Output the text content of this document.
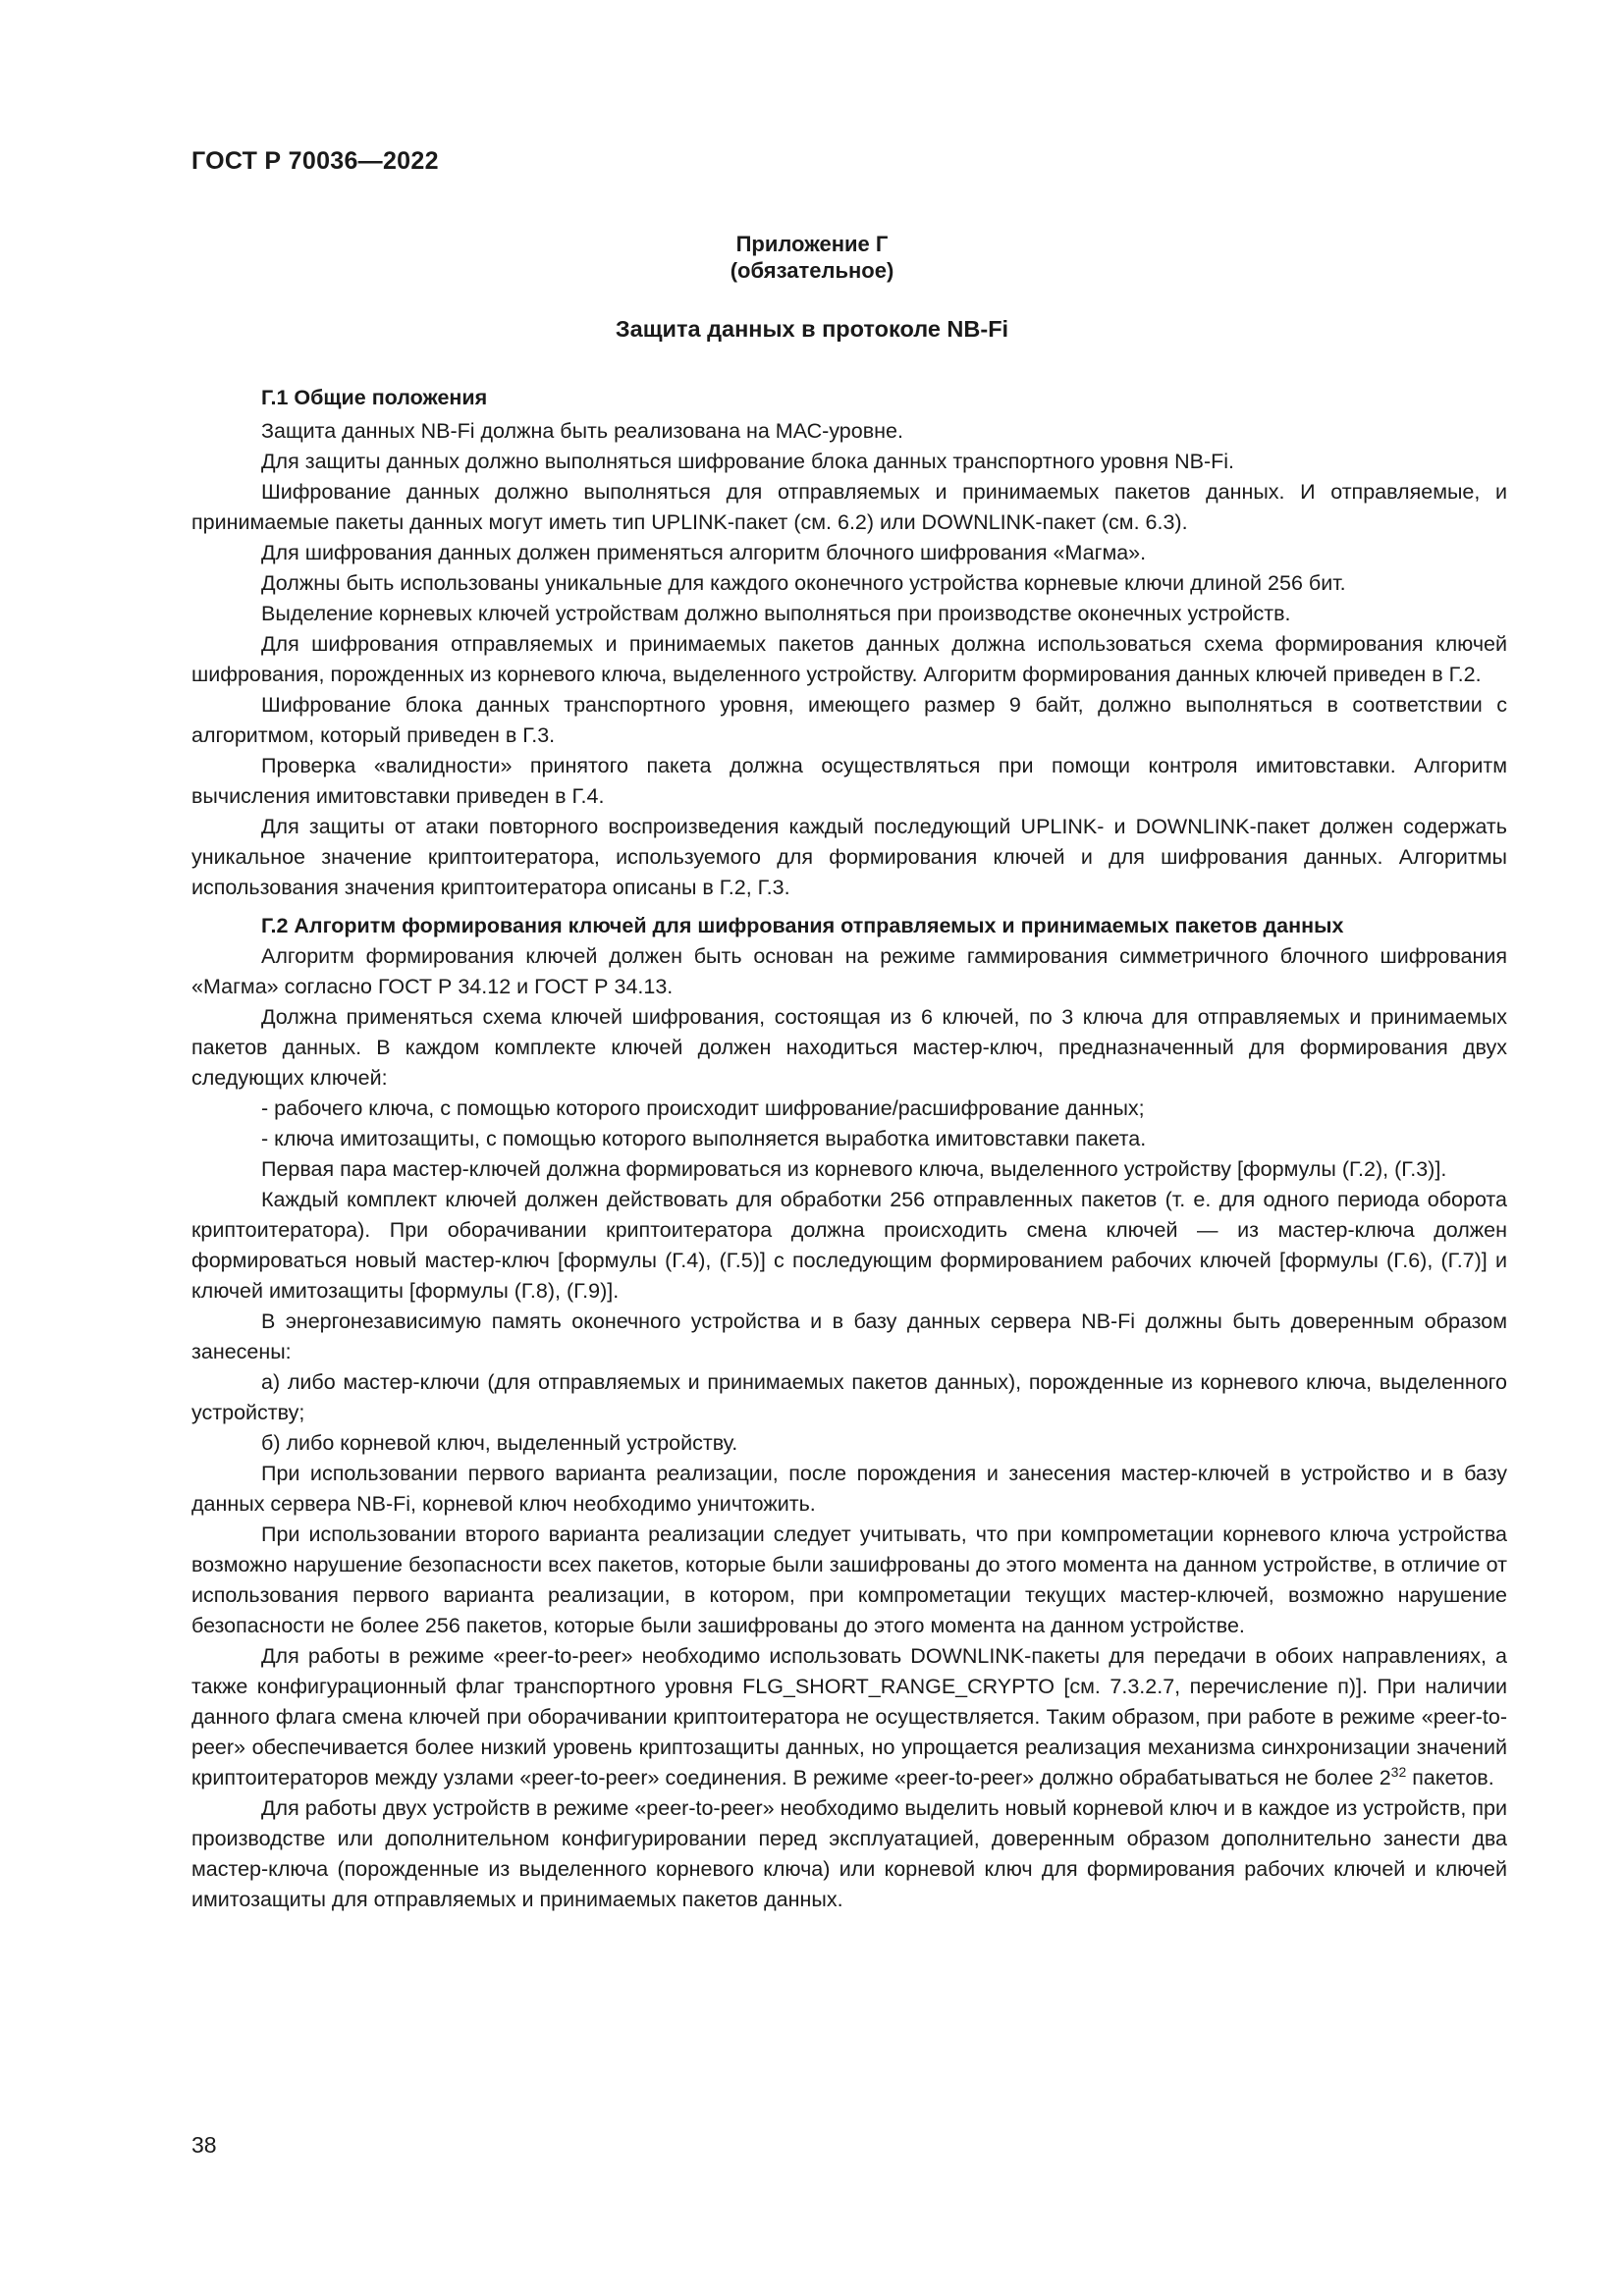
ГОСТ Р 70036—2022
Приложение Г
(обязательное)
Защита данных в протоколе NB-Fi
Г.1 Общие положения

Защита данных NB-Fi должна быть реализована на МАС-уровне.

Для защиты данных должно выполняться шифрование блока данных транспортного уровня NB-Fi.

Шифрование данных должно выполняться для отправляемых и принимаемых пакетов данных. И отправляемые, и принимаемые пакеты данных могут иметь тип UPLINK-пакет (см. 6.2) или DOWNLINK-пакет (см. 6.3).

Для шифрования данных должен применяться алгоритм блочного шифрования «Магма».

Должны быть использованы уникальные для каждого оконечного устройства корневые ключи длиной 256 бит.

Выделение корневых ключей устройствам должно выполняться при производстве оконечных устройств.

Для шифрования отправляемых и принимаемых пакетов данных должна использоваться схема формирования ключей шифрования, порожденных из корневого ключа, выделенного устройству. Алгоритм формирования данных ключей приведен в Г.2.

Шифрование блока данных транспортного уровня, имеющего размер 9 байт, должно выполняться в соответствии с алгоритмом, который приведен в Г.3.

Проверка «валидности» принятого пакета должна осуществляться при помощи контроля имитовставки. Алгоритм вычисления имитовставки приведен в Г.4.

Для защиты от атаки повторного воспроизведения каждый последующий UPLINK- и DOWNLINK-пакет должен содержать уникальное значение криптоитератора, используемого для формирования ключей и для шифрования данных. Алгоритмы использования значения криптоитератора описаны в Г.2, Г.3.

Г.2 Алгоритм формирования ключей для шифрования отправляемых и принимаемых пакетов данных

Алгоритм формирования ключей должен быть основан на режиме гаммирования симметричного блочного шифрования «Магма» согласно ГОСТ Р 34.12 и ГОСТ Р 34.13.

Должна применяться схема ключей шифрования, состоящая из 6 ключей, по 3 ключа для отправляемых и принимаемых пакетов данных. В каждом комплекте ключей должен находиться мастер-ключ, предназначенный для формирования двух следующих ключей:

- рабочего ключа, с помощью которого происходит шифрование/расшифрование данных;

- ключа имитозащиты, с помощью которого выполняется выработка имитовставки пакета.

Первая пара мастер-ключей должна формироваться из корневого ключа, выделенного устройству [формулы (Г.2), (Г.3)].

Каждый комплект ключей должен действовать для обработки 256 отправленных пакетов (т. е. для одного периода оборота криптоитератора). При оборачивании криптоитератора должна происходить смена ключей — из мастер-ключа должен формироваться новый мастер-ключ [формулы (Г.4), (Г.5)] с последующим формированием рабочих ключей [формулы (Г.6), (Г.7)] и ключей имитозащиты [формулы (Г.8), (Г.9)].

В энергонезависимую память оконечного устройства и в базу данных сервера NB-Fi должны быть доверенным образом занесены:

а) либо мастер-ключи (для отправляемых и принимаемых пакетов данных), порожденные из корневого ключа, выделенного устройству;

б) либо корневой ключ, выделенный устройству.

При использовании первого варианта реализации, после порождения и занесения мастер-ключей в устройство и в базу данных сервера NB-Fi, корневой ключ необходимо уничтожить.

При использовании второго варианта реализации следует учитывать, что при компрометации корневого ключа устройства возможно нарушение безопасности всех пакетов, которые были зашифрованы до этого момента на данном устройстве, в отличие от использования первого варианта реализации, в котором, при компрометации текущих мастер-ключей, возможно нарушение безопасности не более 256 пакетов, которые были зашифрованы до этого момента на данном устройстве.

Для работы в режиме «peer-to-peer» необходимо использовать DOWNLINK-пакеты для передачи в обоих направлениях, а также конфигурационный флаг транспортного уровня FLG_SHORT_RANGE_CRYPTO [см. 7.3.2.7, перечисление п)]. При наличии данного флага смена ключей при оборачивании криптоитератора не осуществляется. Таким образом, при работе в режиме «peer-to-peer» обеспечивается более низкий уровень криптозащиты данных, но упрощается реализация механизма синхронизации значений криптоитераторов между узлами «peer-to-peer» соединения. В режиме «peer-to-peer» должно обрабатываться не более $2^{32}$ пакетов.

Для работы двух устройств в режиме «peer-to-peer» необходимо выделить новый корневой ключ и в каждое из устройств, при производстве или дополнительном конфигурировании перед эксплуатацией, доверенным образом дополнительно занести два мастер-ключа (порожденные из выделенного корневого ключа) или корневой ключ для формирования рабочих ключей и ключей имитозащиты для отправляемых и принимаемых пакетов данных.

38
